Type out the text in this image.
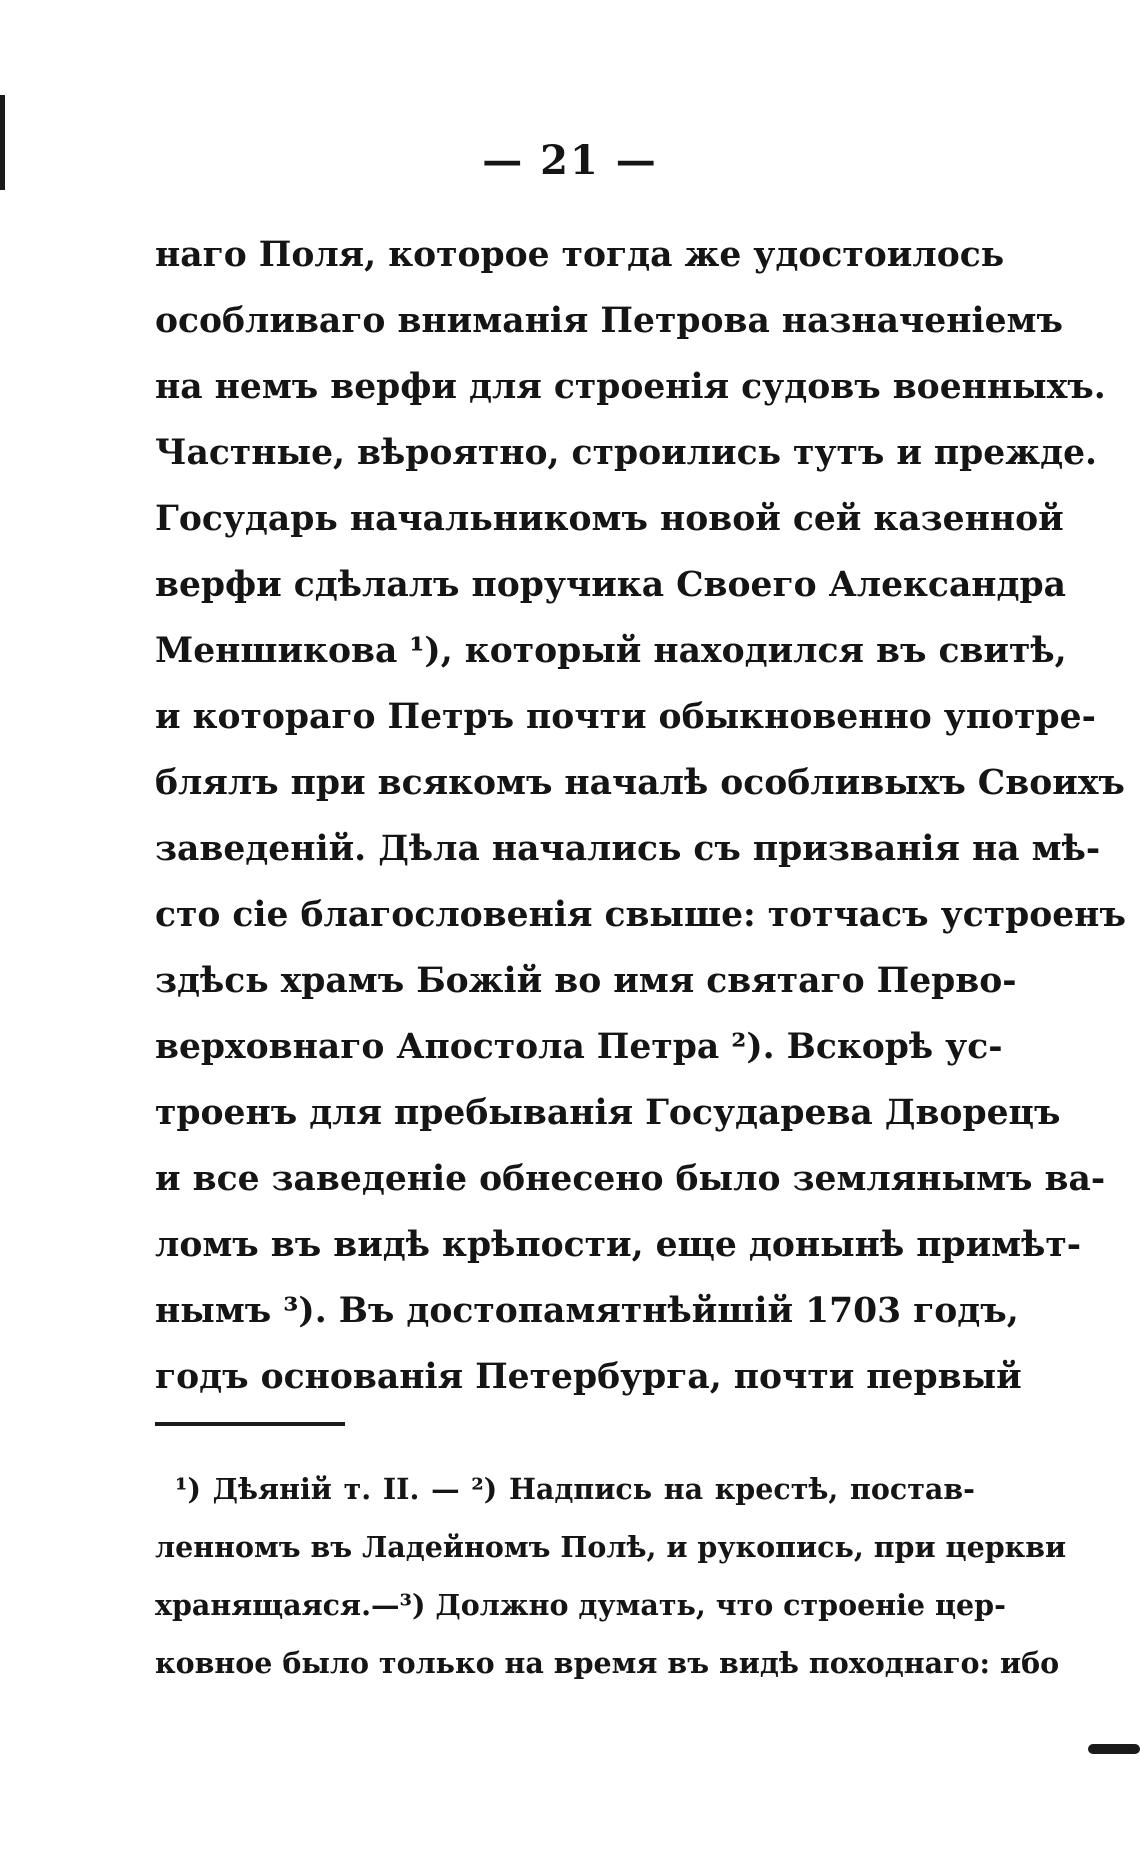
— 21 —
наго Поля, которое тогда же удостоилось
особливаго вниманія Петрова назначеніемъ
на немъ верфи для строенія судовъ военныхъ.
Частные, вѣроятно, строились тутъ и прежде.
Государь начальникомъ новой сей казенной
верфи сдѣлалъ поручика Своего Александра
Меншикова ¹), который находился въ свитѣ,
и котораго Петръ почти обыкновенно употре-
блялъ при всякомъ началѣ особливыхъ Своихъ
заведеній. Дѣла начались съ призванія на мѣ-
сто сіе благословенія свыше: тотчасъ устроенъ
здѣсь храмъ Божій во имя святаго Перво-
верховнаго Апостола Петра ²). Вскорѣ ус-
троенъ для пребыванія Государева Дворецъ
и все заведеніе обнесено было землянымъ ва-
ломъ въ видѣ крѣпости, еще донынѣ примѣт-
нымъ ³). Въ достопамятнѣйшій 1703 годъ,
годъ основанія Петербурга, почти первый
¹) Дѣяній т. II. — ²) Надпись на крестѣ, постав-
ленномъ въ Ладейномъ Полѣ, и рукопись, при церкви
хранящаяся.—³) Должно думать, что строеніе цер-
ковное было только на время въ видѣ походнаго: ибо
